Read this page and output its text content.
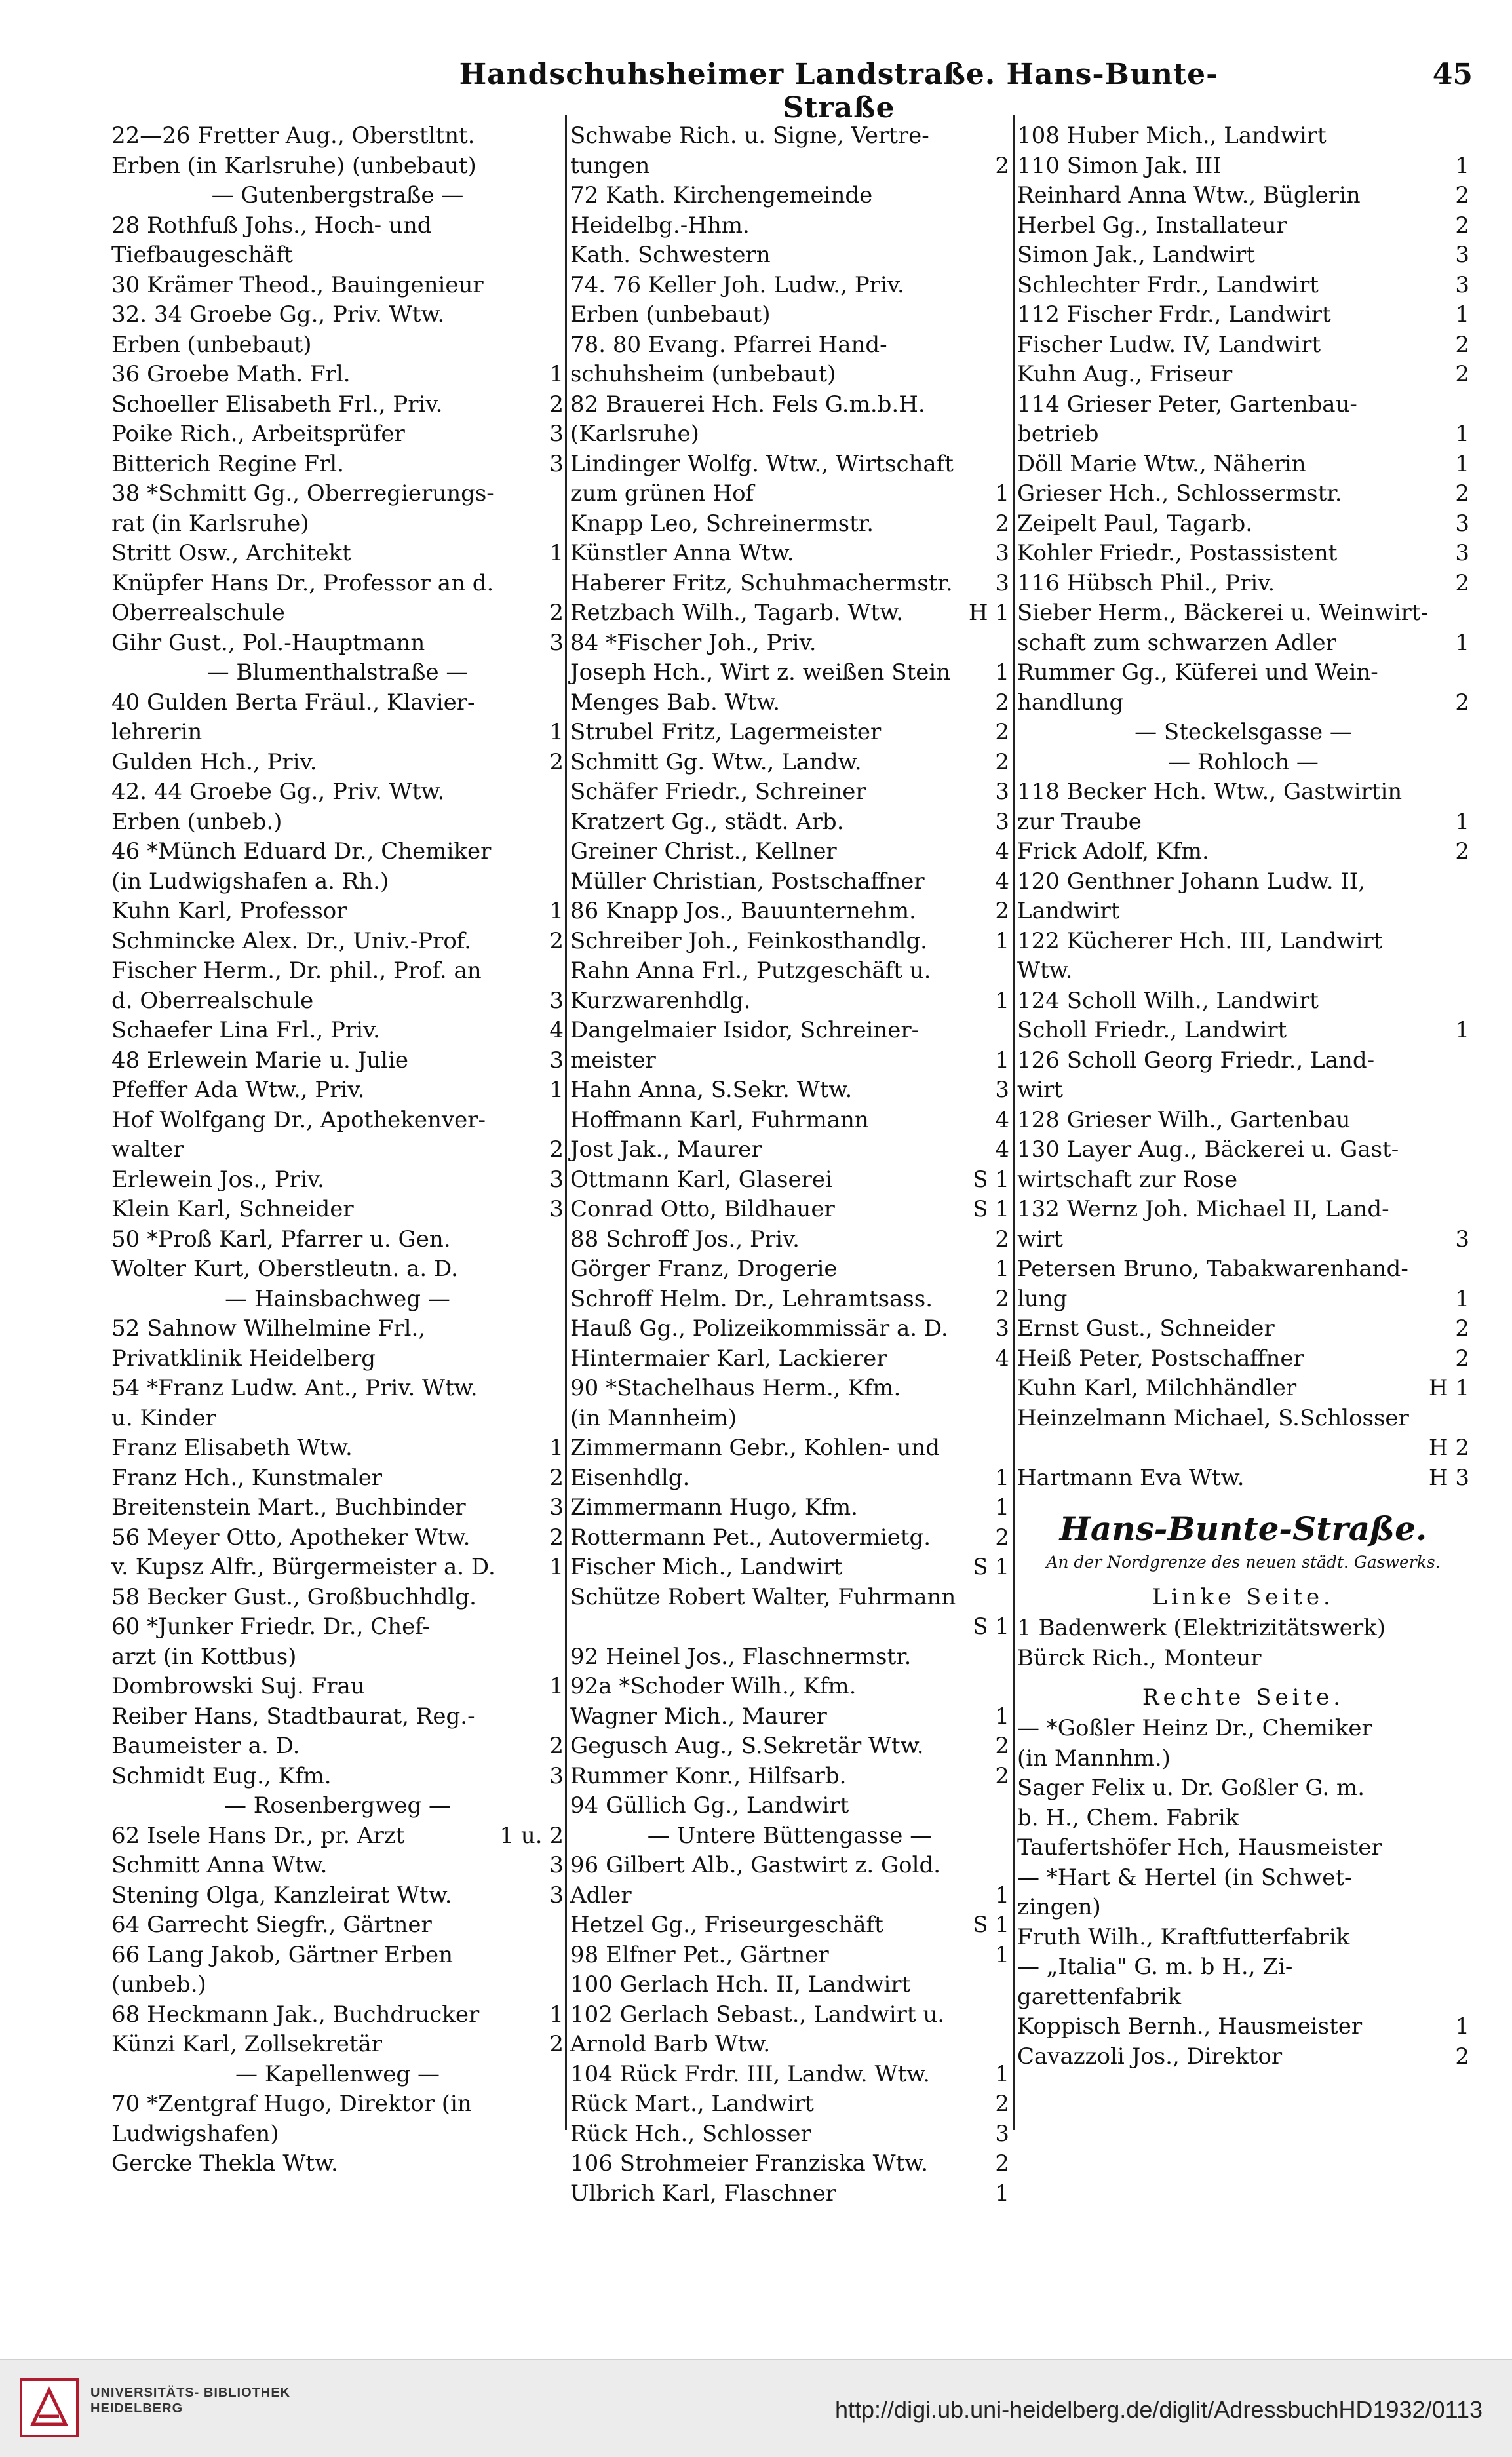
Handschuhsheimer Landstraße. Hans-Bunte-Straße
45
22—26 Fretter Aug., Oberstltnt.
Erben (in Karlsruhe) (unbebaut)
— Gutenbergstraße —
28 Rothfuß Johs., Hoch- und
Tiefbaugeschäft
30 Krämer Theod., Bauingenieur
32. 34 Groebe Gg., Priv. Wtw.
Erben (unbebaut)
36 Groebe Math. Frl.	1
Schoeller Elisabeth Frl., Priv.	2
Poike Rich., Arbeitsprüfer	3
Bitterich Regine Frl.	3
38 *Schmitt Gg., Oberregierungs-
rat (in Karlsruhe)
Stritt Osw., Architekt	1
Knüpfer Hans Dr., Professor an d.
Oberrealschule	2
Gihr Gust., Pol.-Hauptmann	3
— Blumenthalstraße —
40 Gulden Berta Fräul., Klavier-
lehrerin	1
Gulden Hch., Priv.	2
42. 44 Groebe Gg., Priv. Wtw.
Erben (unbeb.)
46 *Münch Eduard Dr., Chemiker
(in Ludwigshafen a. Rh.)
Kuhn Karl, Professor	1
Schmincke Alex. Dr., Univ.-Prof.	2
Fischer Herm., Dr. phil., Prof. an
d. Oberrealschule	3
Schaefer Lina Frl., Priv.	4
48 Erlewein Marie u. Julie	3
Pfeffer Ada Wtw., Priv.	1
Hof Wolfgang Dr., Apothekenver-
walter	2
Erlewein Jos., Priv.	3
Klein Karl, Schneider	3
50 *Proß Karl, Pfarrer u. Gen.
Wolter Kurt, Oberstleutn. a. D.
— Hainsbachweg —
52 Sahnow Wilhelmine Frl.,
Privatklinik Heidelberg
54 *Franz Ludw. Ant., Priv. Wtw.
u. Kinder
Franz Elisabeth Wtw.	1
Franz Hch., Kunstmaler	2
Breitenstein Mart., Buchbinder	3
56 Meyer Otto, Apotheker Wtw.	2
v. Kupsz Alfr., Bürgermeister a. D. 1
58 Becker Gust., Großbuchhdlg.
60 *Junker Friedr. Dr., Chef-
arzt (in Kottbus)
Dombrowski Suj. Frau	1
Reiber Hans, Stadtbaurat, Reg.-
Baumeister a. D.	2
Schmidt Eug., Kfm.	3
— Rosenbergweg —
62 Isele Hans Dr., pr. Arzt	1 u. 2
Schmitt Anna Wtw.	3
Stening Olga, Kanzleirat Wtw.	3
64 Garrecht Siegfr., Gärtner
66 Lang Jakob, Gärtner Erben
(unbeb.)
68 Heckmann Jak., Buchdrucker	1
Künzi Karl, Zollsekretär	2
— Kapellenweg —
70 *Zentgraf Hugo, Direktor (in
Ludwigshafen)
Gercke Thekla Wtw.
Schwabe Rich. u. Signe, Vertre-
tungen	2
72 Kath. Kirchengemeinde
Heidelbg.-Hhm.
Kath. Schwestern
74. 76 Keller Joh. Ludw., Priv.
Erben (unbebaut)
78. 80 Evang. Pfarrei Hand-
schuhsheim (unbebaut)
82 Brauerei Hch. Fels G.m.b.H.
(Karlsruhe)
Lindinger Wolfg. Wtw., Wirtschaft
zum grünen Hof	1
Knapp Leo, Schreinermstr.	2
Künstler Anna Wtw.	3
Haberer Fritz, Schuhmachermstr. 3
Retzbach Wilh., Tagarb. Wtw.	H 1
84 *Fischer Joh., Priv.
Joseph Hch., Wirt z. weißen Stein 1
Menges Bab. Wtw.	2
Strubel Fritz, Lagermeister	2
Schmitt Gg. Wtw., Landw.	2
Schäfer Friedr., Schreiner	3
Kratzert Gg., städt. Arb.	3
Greiner Christ., Kellner	4
Müller Christian, Postschaffner	4
86 Knapp Jos., Bauunternehm.	2
Schreiber Joh., Feinkosthandlg.	1
Rahn Anna Frl., Putzgeschäft u.
Kurzwarenhdlg.	1
Dangelmaier Isidor, Schreiner-
meister	1
Hahn Anna, S.Sekr. Wtw.	3
Hoffmann Karl, Fuhrmann	4
Jost Jak., Maurer	4
Ottmann Karl, Glaserei	S 1
Conrad Otto, Bildhauer	S 1
88 Schroff Jos., Priv.	2
Görger Franz, Drogerie	1
Schroff Helm. Dr., Lehramtsass.	2
Hauß Gg., Polizeikommissär a. D. 3
Hintermaier Karl, Lackierer	4
90 *Stachelhaus Herm., Kfm.
(in Mannheim)
Zimmermann Gebr., Kohlen- und
Eisenhdlg.	1
Zimmermann Hugo, Kfm.	1
Rottermann Pet., Autovermietg.	2
Fischer Mich., Landwirt	S 1
Schütze Robert Walter, Fuhrmann
S 1
92 Heinel Jos., Flaschnermstr.
92a *Schoder Wilh., Kfm.
Wagner Mich., Maurer	1
Gegusch Aug., S.Sekretär Wtw.	2
Rummer Konr., Hilfsarb.	2
94 Güllich Gg., Landwirt
— Untere Büttengasse —
96 Gilbert Alb., Gastwirt z. Gold.
Adler	1
Hetzel Gg., Friseurgeschäft	S 1
98 Elfner Pet., Gärtner	1
100 Gerlach Hch. II, Landwirt
102 Gerlach Sebast., Landwirt u.
Arnold Barb Wtw.
104 Rück Frdr. III, Landw. Wtw.	1
Rück Mart., Landwirt	2
Rück Hch., Schlosser	3
106 Strohmeier Franziska Wtw.	2
Ulbrich Karl, Flaschner	1
108 Huber Mich., Landwirt
110 Simon Jak. III	1
Reinhard Anna Wtw., Büglerin	2
Herbel Gg., Installateur	2
Simon Jak., Landwirt	3
Schlechter Frdr., Landwirt	3
112 Fischer Frdr., Landwirt	1
Fischer Ludw. IV, Landwirt	2
Kuhn Aug., Friseur	2
114 Grieser Peter, Gartenbau-
betrieb	1
Döll Marie Wtw., Näherin	1
Grieser Hch., Schlossermstr.	2
Zeipelt Paul, Tagarb.	3
Kohler Friedr., Postassistent	3
116 Hübsch Phil., Priv.	2
Sieber Herm., Bäckerei u. Weinwirt-
schaft zum schwarzen Adler	1
Rummer Gg., Küferei und Wein-
handlung	2
— Steckelsgasse —
— Rohloch —
118 Becker Hch. Wtw., Gastwirtin
zur Traube	1
Frick Adolf, Kfm.	2
120 Genthner Johann Ludw. II,
Landwirt
122 Kücherer Hch. III, Landwirt
Wtw.
124 Scholl Wilh., Landwirt
Scholl Friedr., Landwirt	1
126 Scholl Georg Friedr., Land-
wirt
128 Grieser Wilh., Gartenbau
130 Layer Aug., Bäckerei u. Gast-
wirtschaft zur Rose
132 Wernz Joh. Michael II, Land-
wirt	3
Petersen Bruno, Tabakwarenhand-
lung	1
Ernst Gust., Schneider	2
Heiß Peter, Postschaffner	2
Kuhn Karl, Milchhändler	H 1
Heinzelmann Michael, S.Schlosser
H 2
Hartmann Eva Wtw.	H 3
Hans-Bunte-Straße.
An der Nordgrenze des neuen städt. Gaswerks.
Linke Seite.
1 Badenwerk (Elektrizitätswerk)
Bürck Rich., Monteur
Rechte Seite.
— *Goßler Heinz Dr., Chemiker
(in Mannhm.)
Sager Felix u. Dr. Goßler G. m.
b. H., Chem. Fabrik
Taufertshöfer Hch, Hausmeister
— *Hart & Hertel (in Schwet-
zingen)
Fruth Wilh., Kraftfutterfabrik
— „Italia" G. m. b H., Zi-
garettenfabrik
Koppisch Bernh., Hausmeister	1
Cavazzoli Jos., Direktor	2
UNIVERSITÄTS- BIBLIOTHEK HEIDELBERG	http://digi.ub.uni-heidelberg.de/diglit/AdressbuchHD1932/0113
